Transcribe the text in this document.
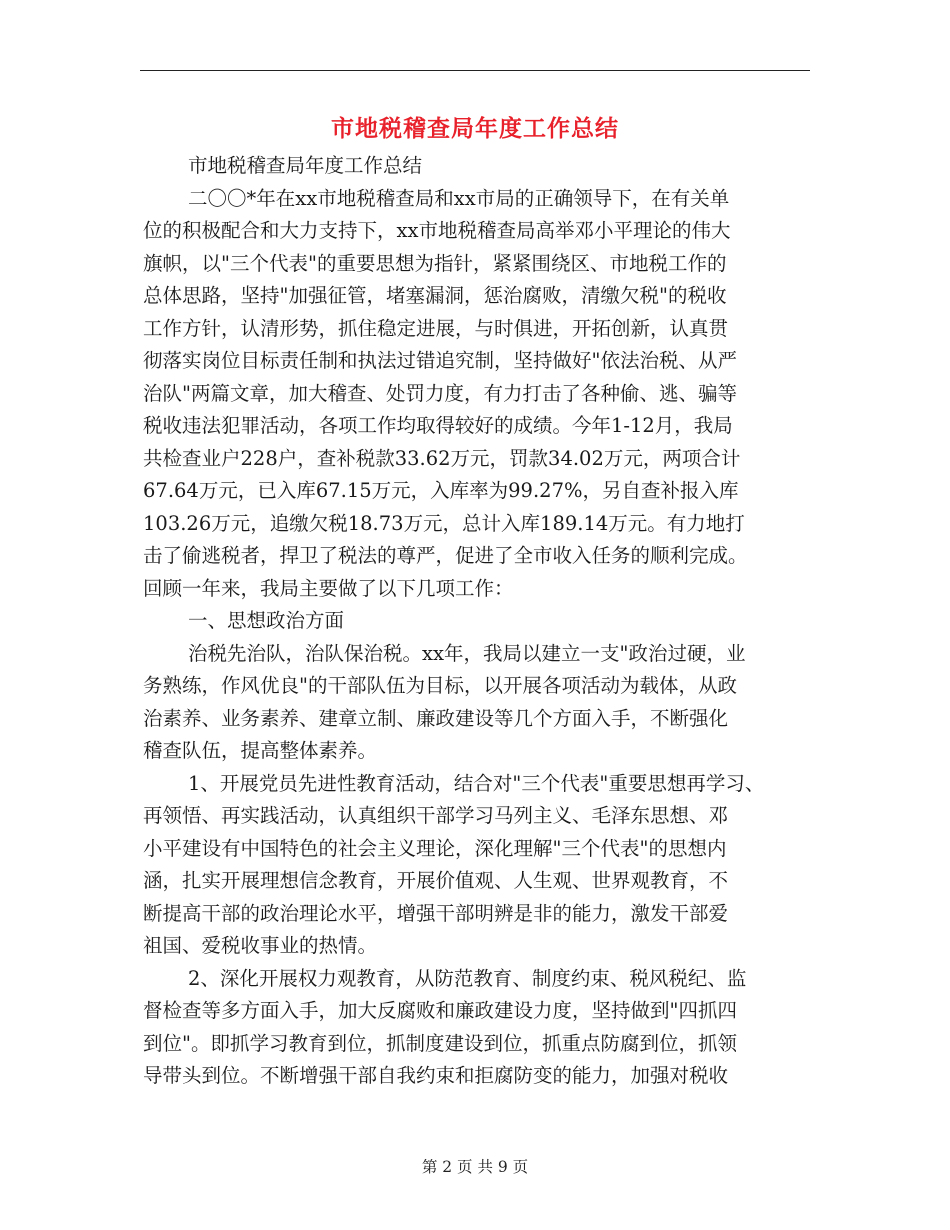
市地税稽查局年度工作总结
市地税稽查局年度工作总结
二〇〇*年在xx市地税稽查局和xx市局的正确领导下，在有关单
位的积极配合和大力支持下，xx市地税稽查局高举邓小平理论的伟大
旗帜，以"三个代表"的重要思想为指针，紧紧围绕区、市地税工作的
总体思路，坚持"加强征管，堵塞漏洞，惩治腐败，清缴欠税"的税收
工作方针，认清形势，抓住稳定进展，与时俱进，开拓创新，认真贯
彻落实岗位目标责任制和执法过错追究制，坚持做好"依法治税、从严
治队"两篇文章，加大稽查、处罚力度，有力打击了各种偷、逃、骗等
税收违法犯罪活动，各项工作均取得较好的成绩。今年1-12月，我局
共检查业户228户，查补税款33.62万元，罚款34.02万元，两项合计
67.64万元，已入库67.15万元，入库率为99.27%，另自查补报入库
103.26万元，追缴欠税18.73万元，总计入库189.14万元。有力地打
击了偷逃税者，捍卫了税法的尊严，促进了全市收入任务的顺利完成。
回顾一年来，我局主要做了以下几项工作：
一、思想政治方面
治税先治队，治队保治税。xx年，我局以建立一支"政治过硬，业
务熟练，作风优良"的干部队伍为目标，以开展各项活动为载体，从政
治素养、业务素养、建章立制、廉政建设等几个方面入手，不断强化
稽查队伍，提高整体素养。
1、开展党员先进性教育活动，结合对"三个代表"重要思想再学习、
再领悟、再实践活动，认真组织干部学习马列主义、毛泽东思想、邓
小平建设有中国特色的社会主义理论，深化理解"三个代表"的思想内
涵，扎实开展理想信念教育，开展价值观、人生观、世界观教育，不
断提高干部的政治理论水平，增强干部明辨是非的能力，激发干部爱
祖国、爱税收事业的热情。
2、深化开展权力观教育，从防范教育、制度约束、税风税纪、监
督检查等多方面入手，加大反腐败和廉政建设力度，坚持做到"四抓四
到位"。即抓学习教育到位，抓制度建设到位，抓重点防腐到位，抓领
导带头到位。不断增强干部自我约束和拒腐防变的能力，加强对税收
第 2 页 共 9 页
